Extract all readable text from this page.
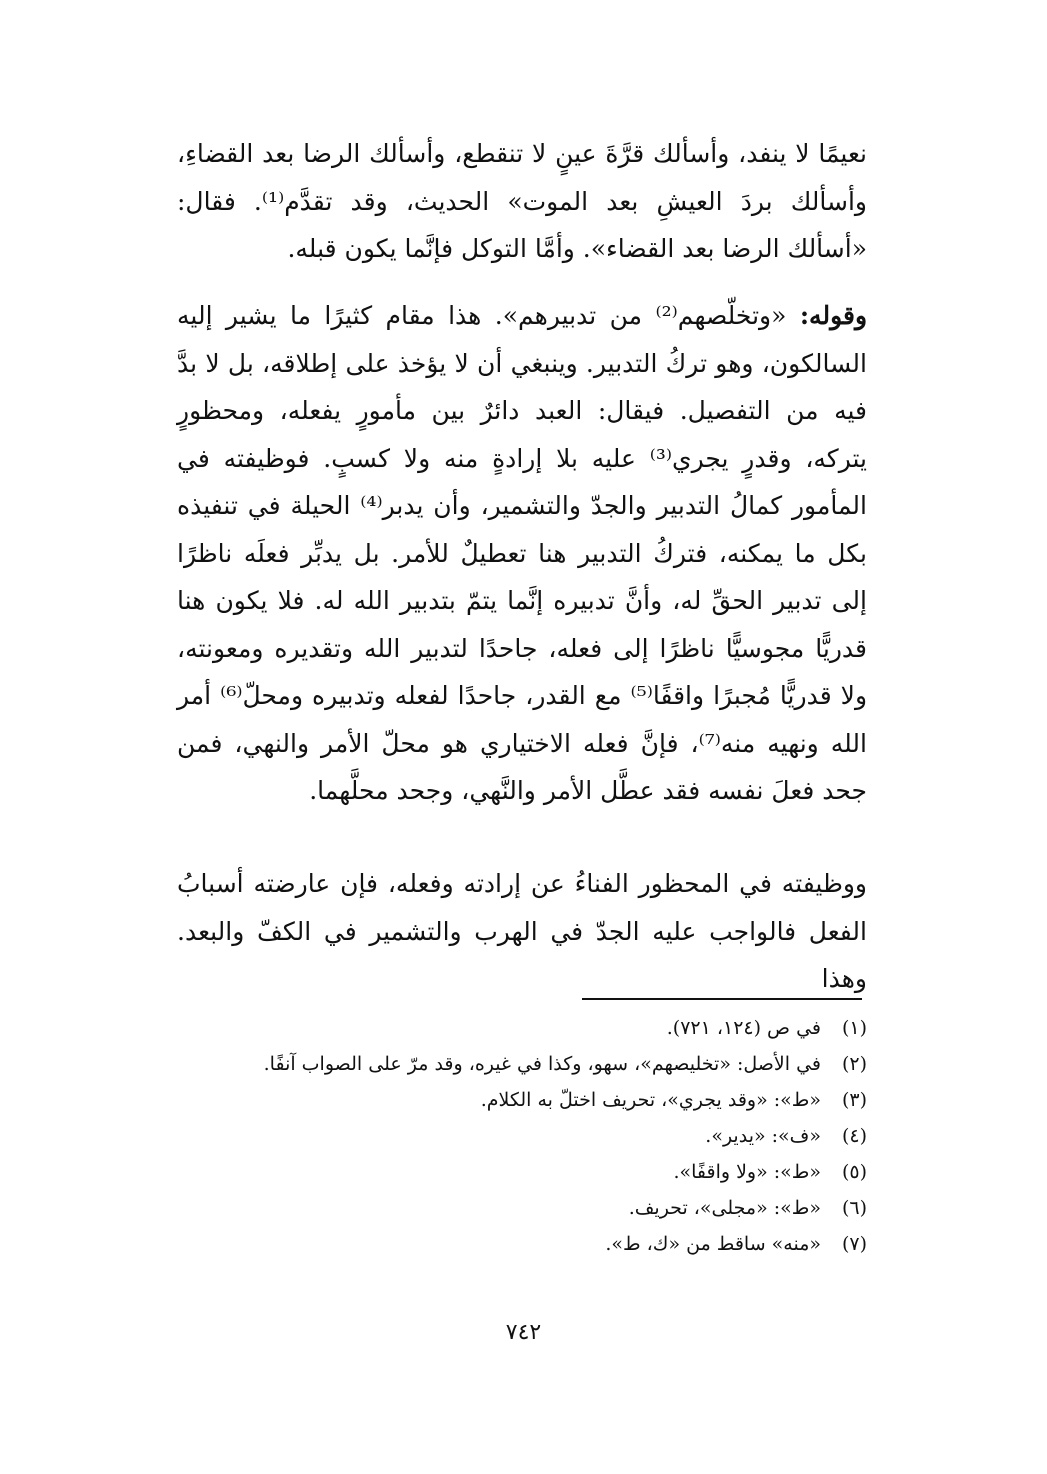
نعيمًا لا ينفد، وأسألك قرَّةَ عينٍ لا تنقطع، وأسألك الرضا بعد القضاءِ، وأسألك بردَ العيشِ بعد الموت» الحديث، وقد تقدَّم⁽¹⁾. فقال: «أسألك الرضا بعد القضاء». وأمَّا التوكل فإنَّما يكون قبله.

وقوله: «وتخلّصهم⁽²⁾ من تدبيرهم». هذا مقام كثيرًا ما يشير إليه السالكون، وهو تركُ التدبير. وينبغي أن لا يؤخذ على إطلاقه، بل لا بدَّ فيه من التفصيل. فيقال: العبد دائرٌ بين مأمورٍ يفعله، ومحظورٍ يتركه، وقدرٍ يجري⁽³⁾ عليه بلا إرادةٍ منه ولا كسبٍ. فوظيفته في المأمور كمالُ التدبير والجدّ والتشمير، وأن يدبر⁽⁴⁾ الحيلة في تنفيذه بكل ما يمكنه، فتركُ التدبير هنا تعطيلٌ للأمر. بل يدبِّر فعلَه ناظرًا إلى تدبير الحقِّ له، وأنَّ تدبيره إنَّما يتمّ بتدبير الله له. فلا يكون هنا قدريًّا مجوسيًّا ناظرًا إلى فعله، جاحدًا لتدبير الله وتقديره ومعونته، ولا قدريًّا مُجبرًا واقفًا⁽⁵⁾ مع القدر، جاحدًا لفعله وتدبيره ومحلّ⁽⁶⁾ أمر الله ونهيه منه⁽⁷⁾، فإنَّ فعله الاختياري هو محلّ الأمر والنهي، فمن جحد فعلَ نفسه فقد عطَّل الأمر والنَّهي، وجحد محلَّهما.

ووظيفته في المحظور الفناءُ عن إرادته وفعله، فإن عارضته أسبابُ الفعل فالواجب عليه الجدّ في الهرب والتشمير في الكفّ والبعد. وهذا

(١)في ص (١٢٤، ٧٢١).
(٢)في الأصل: «تخليصهم»، سهو، وكذا في غيره، وقد مرّ على الصواب آنفًا.
(٣)«ط»: «وقد يجري»، تحريف اختلّ به الكلام.
(٤)«ف»: «يدير».
(٥)«ط»: «ولا واقفًا».
(٦)«ط»: «مجلى»، تحريف.
(٧)«منه» ساقط من «ك، ط».
٧٤٢
